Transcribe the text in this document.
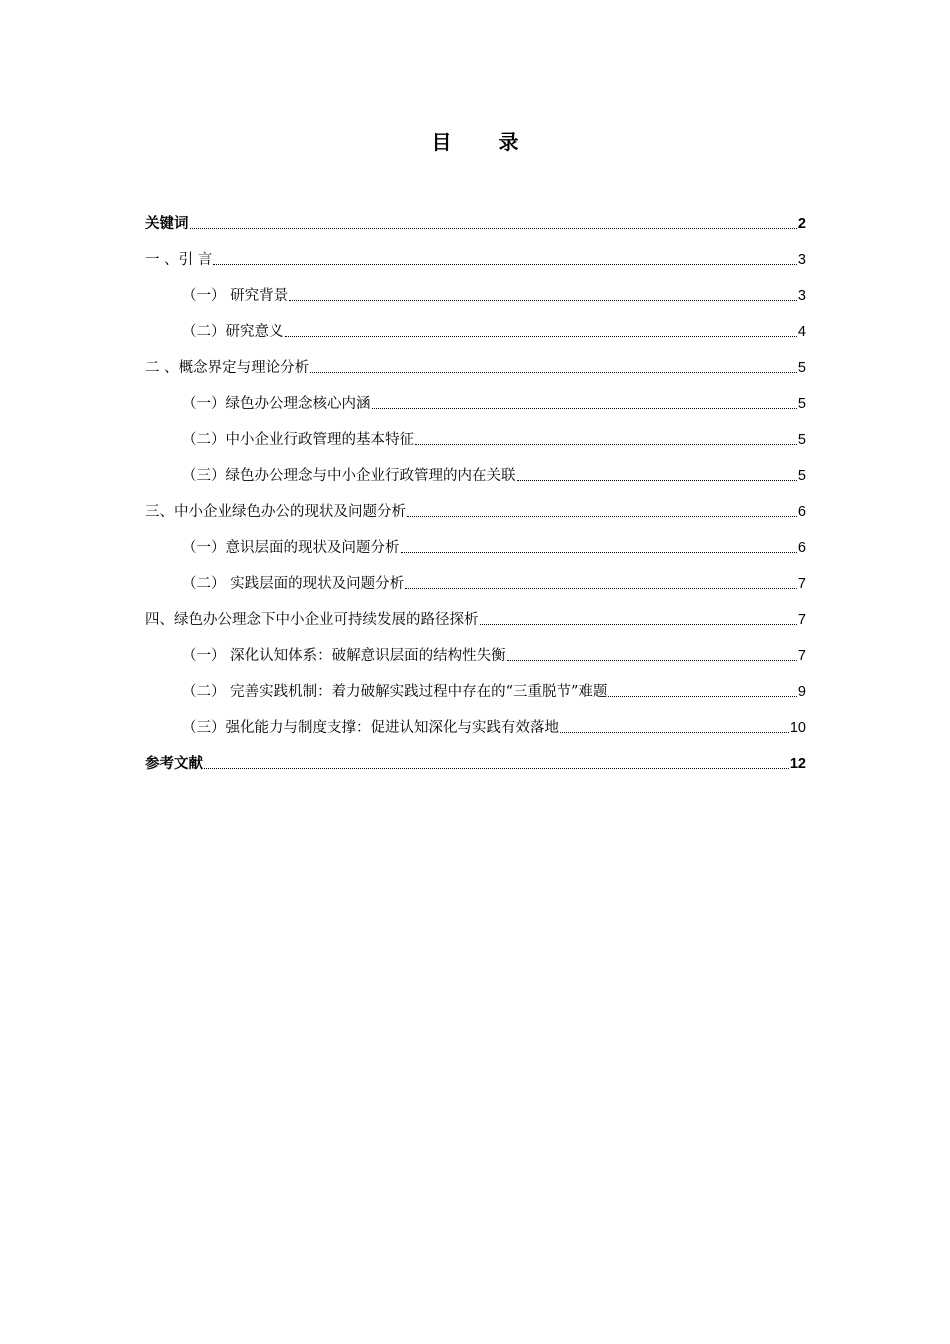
目 录
关键词	2
一 、引 言	3
（一） 研究背景	3
（二）研究意义	4
二 、概念界定与理论分析	5
（一）绿色办公理念核心内涵	5
（二）中小企业行政管理的基本特征	5
（三）绿色办公理念与中小企业行政管理的内在关联	5
三、中小企业绿色办公的现状及问题分析	6
（一）意识层面的现状及问题分析	6
（二） 实践层面的现状及问题分析	7
四、绿色办公理念下中小企业可持续发展的路径探析	7
（一） 深化认知体系：破解意识层面的结构性失衡	7
（二） 完善实践机制：着力破解实践过程中存在的“三重脱节”难题	9
（三）强化能力与制度支撑：促进认知深化与实践有效落地	10
参考文献	12
